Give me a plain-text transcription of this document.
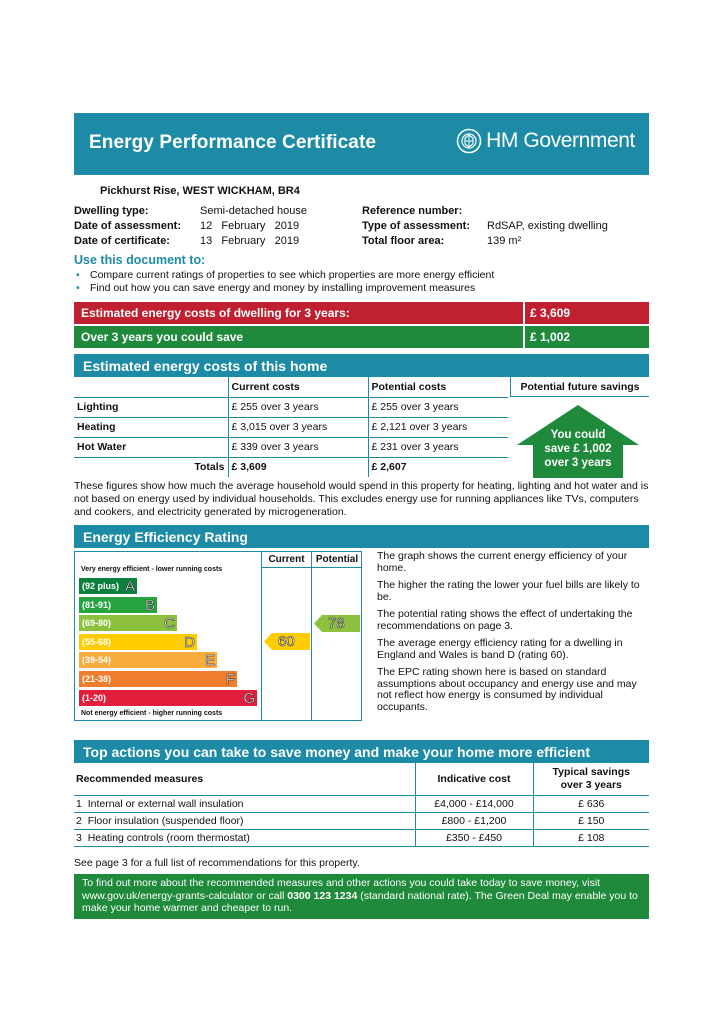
Energy Performance Certificate	HM Government
Pickhurst Rise, WEST WICKHAM, BR4
Dwelling type:	Semi-detached house
Date of assessment: 12   February   2019
Date of certificate:	13   February   2019
Reference number:
Type of assessment: RdSAP, existing dwelling
Total floor area:	139 m²
Use this document to:
• Compare current ratings of properties to see which properties are more energy efficient
• Find out how you can save energy and money by installing improvement measures
Estimated energy costs of dwelling for 3 years:	£ 3,609
Over 3 years you could save	£ 1,002
Estimated energy costs of this home
	Current costs	Potential costs
Lighting	£ 255 over 3 years	£ 255 over 3 years
Heating	£ 3,015 over 3 years	£ 2,121 over 3 years
Hot Water	£ 339 over 3 years	£ 231 over 3 years
Totals	£ 3,609	£ 2,607
Potential future savings
You could
save £ 1,002
over 3 years
These figures show how much the average household would spend in this property for heating, lighting and hot water and is not based on energy used by individual households. This excludes energy use for running appliances like TVs, computers and cookers, and electricity generated by microgeneration.
Energy Efficiency Rating
Current	Potential
Very energy efficient - lower running costs
Not energy efficient - higher running costs
(92 plus) A
(81-91) B
(69-80)	C
(55-68)	D
(39-54)	E
(21-38)	F
(1-20)	G
60
78

The graph shows the current energy efficiency of your home.

The higher the rating the lower your fuel bills are likely to be.

The potential rating shows the effect of undertaking the recommendations on page 3.

The average energy efficiency rating for a dwelling in England and Wales is band D (rating 60).

The EPC rating shown here is based on standard assumptions about occupancy and energy use and may not reflect how energy is consumed by individual occupants.

Top actions you can take to save money and make your home more efficient
Recommended measures	Indicative cost	Typical savings
over 3 years

1 Internal or external wall insulation	£4,000 - £14,000	£ 636
2 Floor insulation (suspended floor)	£800 - £1,200	£ 150
3 Heating controls (room thermostat)	£350 - £450	£ 108
See page 3 for a full list of recommendations for this property.
To find out more about the recommended measures and other actions you could take today to save money, visit www.gov.uk/energy-grants-calculator or call 0300 123 1234 (standard national rate). The Green Deal may enable you to make your home warmer and cheaper to run.
